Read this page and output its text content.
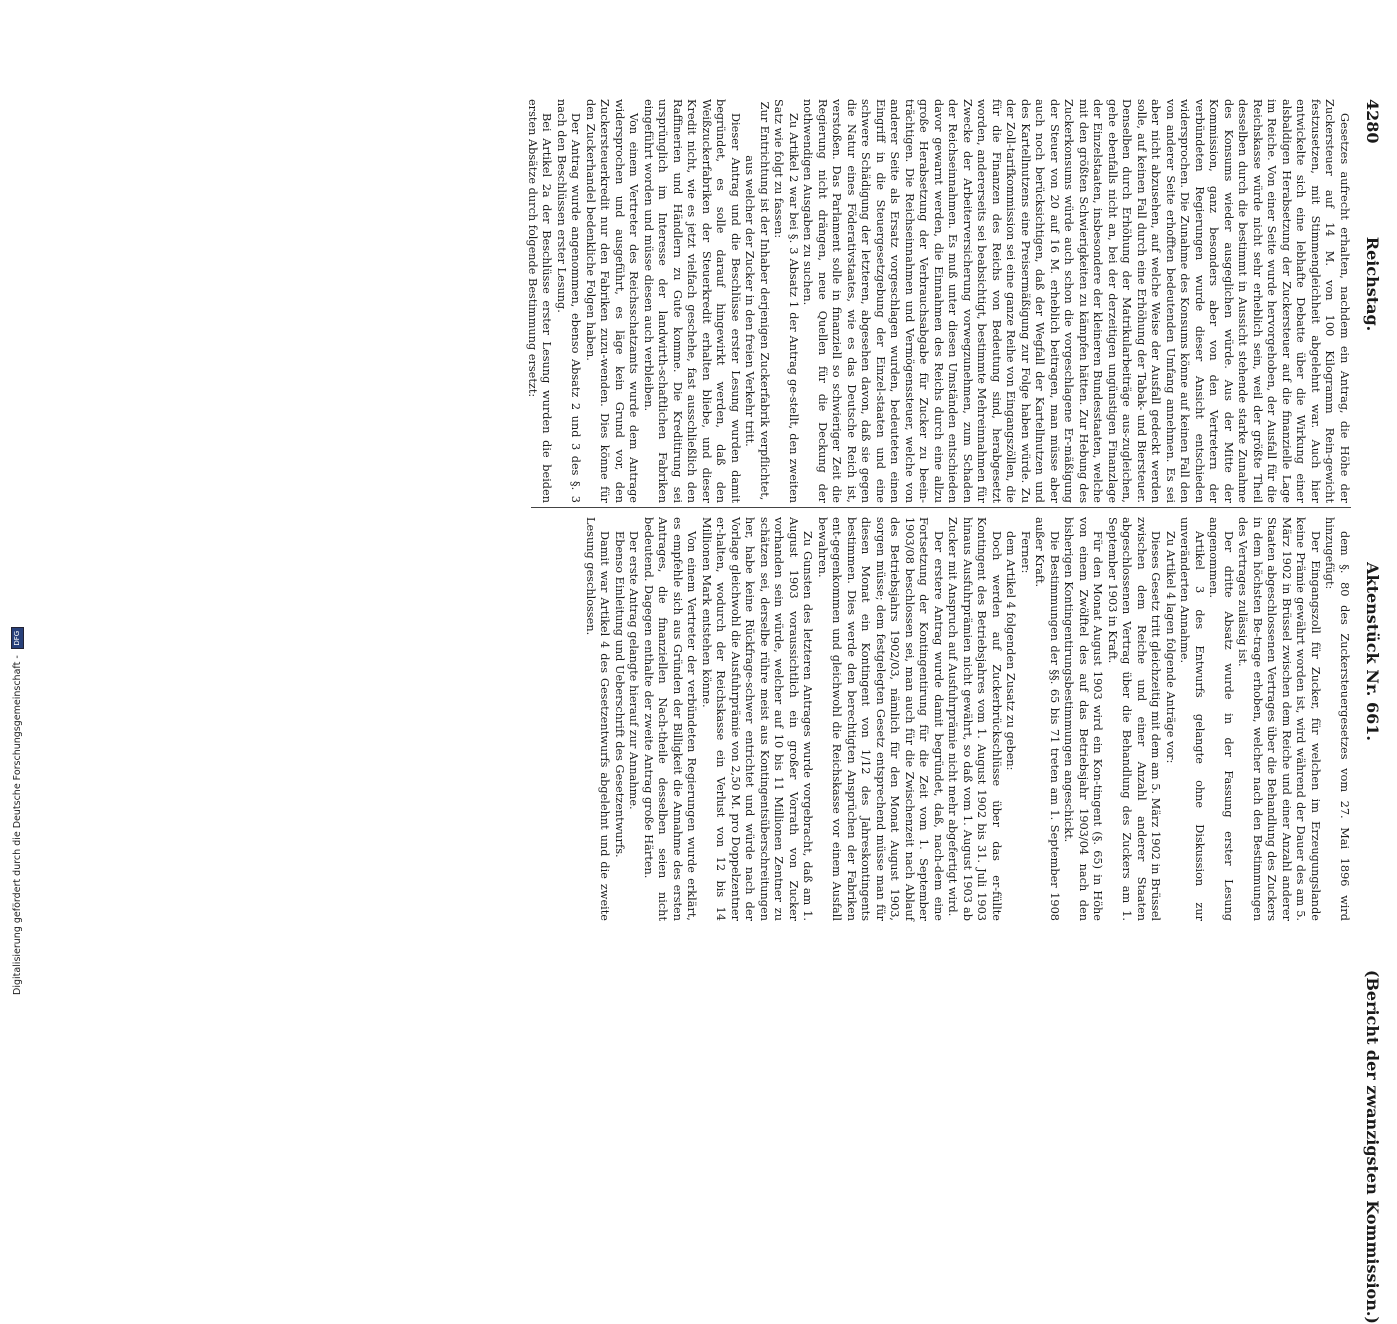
4280
Reichstag.
Aktenstück Nr. 661.
(Bericht der zwanzigsten Kommission.)

Gesetzes aufrecht erhalten, nachdem ein Antrag, die Höhe der Zuckersteuer auf 14 M. von 100 Kilogramm Rein-gewicht festzusetzen, mit Stimmengleichheit abgelehnt war. Auch hier entwickelte sich eine lebhafte Debatte über die Wirkung einer alsbaldigen Herabsetzung der Zuckersteuer auf die finanzielle Lage im Reiche. Von einer Seite wurde hervorgehoben, der Ausfall für die Reichskasse würde nicht sehr erheblich sein, weil der größte Theil desselben durch die bestimmt in Aussicht stehende starke Zunahme des Konsums wieder ausgeglichen würde. Aus der Mitte der Kommission, ganz besonders aber von den Vertretern der verbündeten Regierungen wurde dieser Ansicht entschieden widersprochen. Die Zunahme des Konsums könne auf keinen Fall den von anderer Seite erhofften bedeutenden Umfang annehmen. Es sei aber nicht abzusehen, auf welche Weise der Ausfall gedeckt werden solle, auf keinen Fall durch eine Erhöhung der Tabak- und Biersteuer. Denselben durch Erhöhung der Matrikularbeiträge aus-zugleichen, gehe ebenfalls nicht an, bei der derzeitigen ungünstigen Finanzlage der Einzelstaaten, insbesondere der kleineren Bundesstaaten, welche mit den größten Schwierigkeiten zu kämpfen hätten. Zur Hebung des Zuckerkonsums würde auch schon die vorgeschlagene Er-mäßigung der Steuer von 20 auf 16 M. erheblich beitragen, man müsse aber auch noch berücksichtigen, daß der Wegfall der Kartellnutzen und des Kartellnutzens eine Preisermäßigung zur Folge haben würde. Zu der Zoll-tarifkommission sei eine ganze Reihe von Eingangszöllen, die für die Finanzen des Reichs von Bedeutung sind, herabgesetzt worden, andererseits sei beabsichtigt, bestimmte Mehreinnahmen für Zwecke der Arbeiterversicherung vorwegzunehmen, zum Schaden der Reichseinnahmen. Es muß unter diesen Umständen entschieden davor gewarnt werden, die Einnahmen des Reichs durch eine allzu große Herabsetzung der Verbrauchsabgabe für Zucker zu beein-trächtigen. Die Reichseinnahmen und Vermögenssteuer, welche von anderer Seite als Ersatz vorgeschlagen wurden, bedeuteten einen Eingriff in die Steuergesetzgebung der Einzel-staaten und eine schwere Schädigung der letzteren, abgesehen davon, daß sie gegen die Natur eines Föderativstaates, wie es das Deutsche Reich ist, verstoßen. Das Parlament solle in finanziell so schwieriger Zeit die Regierung nicht drängen, neue Quellen für die Deckung der nothwendigen Ausgaben zu suchen.

Zu Artikel 2 war bei §. 3 Absatz 1 der Antrag ge-stellt, den zweiten Satz wie folgt zu fassen:

Zur Entrichtung ist der Inhaber derjenigen Zuckerfabrik verpflichtet, aus welcher der Zucker in den freien Verkehr tritt.

Dieser Antrag und die Beschlüsse erster Lesung wurden damit begründet, es solle darauf hingewirkt werden, daß den Weißzuckerfabriken der Steuerkredit erhalten bliebe, und dieser Kredit nicht, wie es jetzt vielfach geschehe, fast ausschließlich den Raffinerien und Händlern zu Gute komme. Die Kreditirung sei ursprünglich im Interesse der landwirth-schaftlichen Fabriken eingeführt worden und müsse diesen auch verbleiben.

Von einem Vertreter des Reichsschatzamts wurde dem Antrage widersprochen und ausgeführt, es läge kein Grund vor, den Zuckersteuerkredit nur den Fabriken zuzu-wenden. Dies könne für den Zuckerhandel bedenkliche Folgen haben.

Der Antrag wurde angenommen, ebenso Absatz 2 und 3 des §. 3 nach den Beschlüssen erster Lesung.

Bei Artikel 2a der Beschlüsse erster Lesung wurden die beiden ersten Absätze durch folgende Bestimmung ersetzt:

dem §. 80 des Zuckersteuergesetzes vom 27. Mai 1896 wird hinzugefügt:

Der Eingangszoll für Zucker, für welchen im Erzeugungslande keine Prämie gewährt worden ist, wird während der Dauer des am 5. März 1902 in Brüssel zwischen dem Reiche und einer Anzahl anderer Staaten abgeschlossenen Vertrages über die Behandlung des Zuckers in dem höchsten Be-trage erhoben, welcher nach den Bestimmungen des Vertrages zulässig ist.

Der dritte Absatz wurde in der Fassung erster Lesung angenommen.

Artikel 3 des Entwurfs gelangte ohne Diskussion zur unveränderten Annahme.

Zu Artikel 4 lagen folgende Anträge vor:

Dieses Gesetz tritt gleichzeitig mit dem am 5. März 1902 in Brüssel zwischen dem Reiche und einer Anzahl anderer Staaten abgeschlossenen Vertrag über die Behandlung des Zuckers am 1. September 1903 in Kraft.

Für den Monat August 1903 wird ein Kon-tingent (§. 65) in Höhe von einem Zwölftel des auf das Betriebsjahr 1903/04 nach den bisherigen Kontingentirungsbestimmungen angeschickt.

Die Bestimmungen der §§. 65 bis 71 treten am 1. September 1908 außer Kraft.

Ferner:

dem Artikel 4 folgenden Zusatz zu geben:

Doch werden auf Zuckerbrückschlüsse über das er-füllte Kontingent des Betriebsjahres vom 1. August 1902 bis 31. Juli 1903 hinaus Ausfuhrprämien nicht gewährt, so daß vom 1. August 1903 ab Zucker mit Anspruch auf Ausfuhrprämie nicht mehr abgefertigt wird.

Der erstere Antrag wurde damit begründet, daß, nach-dem eine Fortsetzung der Kontingentirung für die Zeit vom 1. September 1903/08 beschlossen sei, man auch für die Zwischenzeit nach Ablauf des Betriebsjahrs 1902/03, nämlich für den Monat August 1903, sorgen müsse; dem festgelegten Gesetz entsprechend müsse man für diesen Monat ein Kontingent von 1/12 des Jahreskontingents bestimmen. Dies werde den berechtigten Ansprüchen der Fabriken ent-gegenkommen und gleichwohl die Reichskasse vor einem Ausfall bewahren.

Zu Gunsten des letzteren Antrages wurde vorgebracht, daß am 1. August 1903 voraussichtlich ein großer Vorrath von Zucker vorhanden sein würde, welcher auf 10 bis 11 Millionen Zentner zu schätzen sei, derselbe rühre meist aus Kontingentsüberschreitungen her, habe keine Rückfrage-schwer entrichtet und würde nach der Vorlage gleichwohl die Ausfuhrprämie von 2,50 M. pro Doppelzentner er-halten, wodurch der Reichskasse ein Verlust von 12 bis 14 Millionen Mark entstehen könne.

Von einem Vertreter der verbündeten Regierungen wurde erklärt, es empfehle sich aus Gründen der Billigkeit die Annahme des ersten Antrages, die finanziellen Nach-theile desselben seien nicht bedeutend. Dagegen enthalte der zweite Antrag große Härten.

Der erste Antrag gelangte hierauf zur Annahme.

Ebenso Einleitung und Ueberschrift des Gesetzentwurfs.

Damit war Artikel 4 des Gesetzentwurfs abgelehnt und die zweite Lesung geschlossen.

Digitalisierung gefördert durch die Deutsche Forschungsgemeinschaft -
DFG
